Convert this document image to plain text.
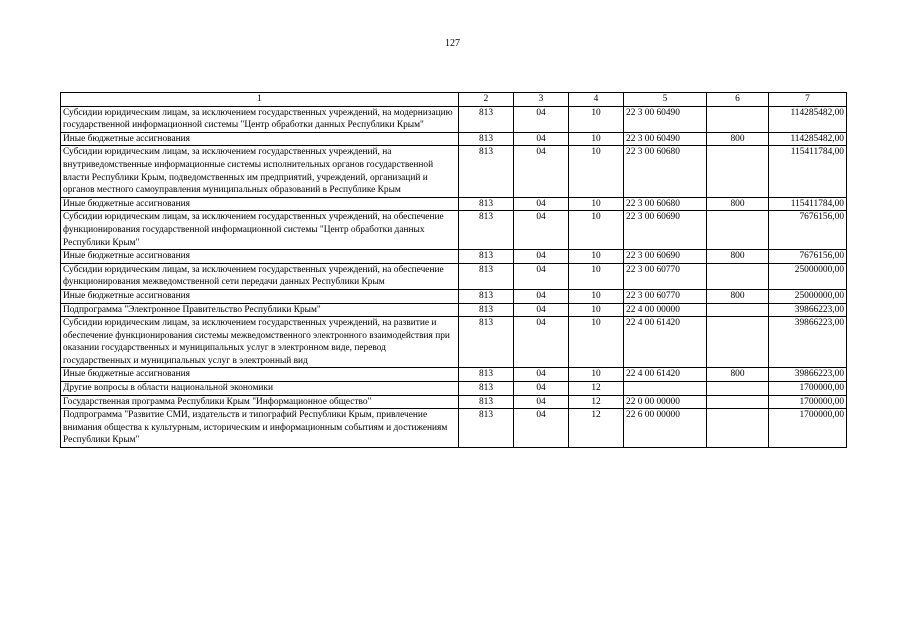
127
1	2	3	4	5	6	7
Субсидии юридическим лицам, за исключением государственных учреждений, на модернизацию государственной информационной системы "Центр обработки данных Республики Крым"	813	04	10	22 3 00 60490		114285482,00
Иные бюджетные ассигнования	813	04	10	22 3 00 60490	800	114285482,00
Субсидии юридическим лицам, за исключением государственных учреждений, на внутриведомственные информационные системы исполнительных органов государственной власти Республики Крым, подведомственных им предприятий, учреждений, организаций и органов местного самоуправления муниципальных образований в Республике Крым	813	04	10	22 3 00 60680		115411784,00
Иные бюджетные ассигнования	813	04	10	22 3 00 60680	800	115411784,00
Субсидии юридическим лицам, за исключением государственных учреждений, на обеспечение функционирования государственной информационной системы "Центр обработки данных Республики Крым"	813	04	10	22 3 00 60690		7676156,00
Иные бюджетные ассигнования	813	04	10	22 3 00 60690	800	7676156,00
Субсидии юридическим лицам, за исключением государственных учреждений, на обеспечение функционирования межведомственной сети передачи данных Республики Крым	813	04	10	22 3 00 60770		25000000,00
Иные бюджетные ассигнования	813	04	10	22 3 00 60770	800	25000000,00
Подпрограмма "Электронное Правительство Республики Крым"	813	04	10	22 4 00 00000		39866223,00
Субсидии юридическим лицам, за исключением государственных учреждений, на развитие и обеспечение функционирования системы межведомственного электронного взаимодействия при оказании государственных и муниципальных услуг в электронном виде, перевод государственных и муниципальных услуг в электронный вид	813	04	10	22 4 00 61420		39866223,00
Иные бюджетные ассигнования	813	04	10	22 4 00 61420	800	39866223,00
Другие вопросы в области национальной экономики	813	04	12			1700000,00
Государственная программа Республики Крым "Информационное общество"	813	04	12	22 0 00 00000		1700000,00
Подпрограмма "Развитие СМИ, издательств и типографий Республики Крым, привлечение внимания общества к культурным, историческим и информационным событиям и достижениям Республики Крым"	813	04	12	22 6 00 00000		1700000,00
